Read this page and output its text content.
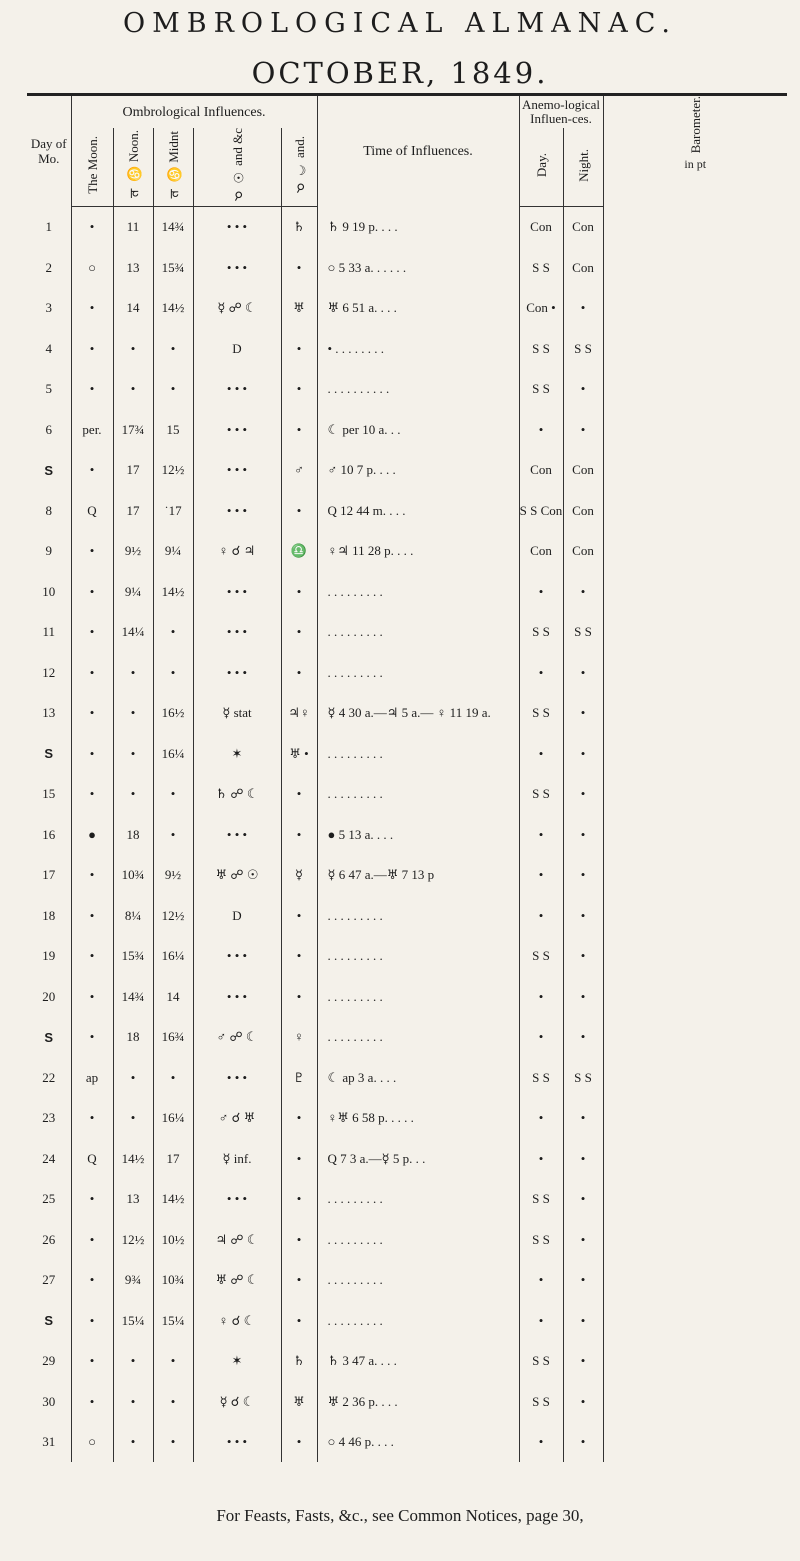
OMBROLOGICAL ALMANAC.
OCTOBER, 1849.
Day of Mo.	Ombrological Influences.					Time of Influences.	Anemo-logical Influen-ces.		Barometer.
in pt
	The Moon.	♃ ♋ Noon.	♃ ♋ Midnt	☌ ☉ and &c	☌ ☾ and.		Day.	Night.	
1	•	11	14¾	• • •	♄	♄ 9 19 p. . . .	Con	Con	
2	○	13	15¾	• • •	•	○ 5 33 a. . . . . .	S S	Con	
3	•	14	14½	☿ ☍ ☾	♅	♅ 6 51 a. . . .	Con •	•	
4	•	•	•	D	•	• . . . . . . . .	S S	S S	
5	•	•	•	• • •	•	. . . . . . . . . .	S S	•	
6	per.	17¾	15	• • •	•	☾ per 10 a. . .	•	•	
S	•	17	12½	• • •	♂	♂ 10 7 p. . . .	Con	Con	
8	Q	17	˙17	• • •	•	Q 12 44 m. . . .	S S Con	Con	
9	•	9½	9¼	♀ ☌ ♃	♎	♀♃ 11 28 p. . . .	Con	Con	
10	•	9¼	14½	• • •	•	. . . . . . . . .	•	•	
11	•	14¼	•	• • •	•	. . . . . . . . .	S S	S S	
12	•	•	•	• • •	•	. . . . . . . . .	•	•	
13	•	•	16½	☿ stat	♃♀	☿ 4 30 a.—♃ 5 a.— ♀ 11 19 a.	S S	•	
S	•	•	16¼	✶	♅ •	. . . . . . . . .	•	•	
15	•	•	•	♄ ☍ ☾	•	. . . . . . . . .	S S	•	
16	●	18	•	• • •	•	● 5 13 a. . . .	•	•	
17	•	10¾	9½	♅ ☍ ☉	☿	☿ 6 47 a.—♅ 7 13 p	•	•	
18	•	8¼	12½	D	•	. . . . . . . . .	•	•	
19	•	15¾	16¼	• • •	•	. . . . . . . . .	S S	•	
20	•	14¾	14	• • •	•	. . . . . . . . .	•	•	
S	•	18	16¾	♂ ☍ ☾	♀	. . . . . . . . .	•	•	
22	ap	•	•	• • •	♇	☾ ap 3 a. . . .	S S	S S	
23	•	•	16¼	♂ ☌ ♅	•	♀♅ 6 58 p. . . . .	•	•	
24	Q	14½	17	☿ inf.	•	Q 7 3 a.—☿ 5 p. . .	•	•	
25	•	13	14½	• • •	•	. . . . . . . . .	S S	•	
26	•	12½	10½	♃ ☍ ☾	•	. . . . . . . . .	S S	•	
27	•	9¾	10¾	♅ ☍ ☾	•	. . . . . . . . .	•	•	
S	•	15¼	15¼	♀ ☌ ☾	•	. . . . . . . . .	•	•	
29	•	•	•	✶	♄	♄ 3 47 a. . . .	S S	•	
30	•	•	•	☿ ☌ ☾	♅	♅ 2 36 p. . . .	S S	•	
31	○	•	•	• • •	•	○ 4 46 p. . . .	•	•	
For Feasts, Fasts, &c., see Common Notices, page 30,
